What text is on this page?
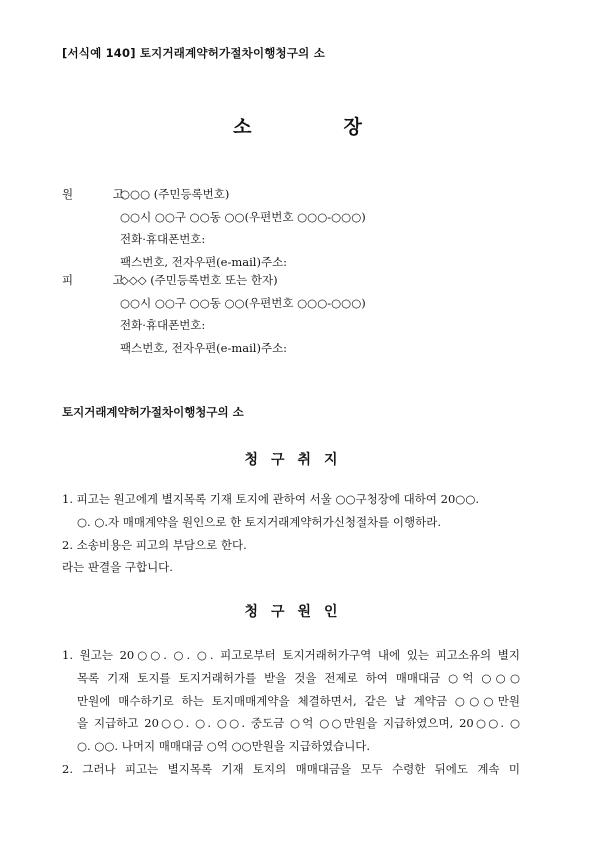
[서식예 140] 토지거래계약허가절차이행청구의 소
소	장
원 고
○○○ (주민등록번호)
○○시 ○○구 ○○동 ○○(우편번호 ○○○-○○○)
전화·휴대폰번호:
팩스번호, 전자우편(e-mail)주소:
피 고
◇◇◇ (주민등록번호 또는 한자)
○○시 ○○구 ○○동 ○○(우편번호 ○○○-○○○)
전화·휴대폰번호:
팩스번호, 전자우편(e-mail)주소:
토지거래계약허가절차이행청구의 소
청구취지
1. 피고는 원고에게 별지목록 기재 토지에 관하여 서울 ○○구청장에 대하여 20○○.
○. ○.자 매매계약을 원인으로 한 토지거래계약허가신청절차를 이행하라.
2. 소송비용은 피고의 부담으로 한다.
라는 판결을 구합니다.
청구원인
1. 원고는 20○○. ○. ○. 피고로부터 토지거래허가구역 내에 있는 피고소유의 별지
목록 기재 토지를 토지거래허가를 받을 것을 전제로 하여 매매대금 ○억 ○○○
만원에 매수하기로 하는 토지매매계약을 체결하면서, 같은 날 계약금 ○○○만원
을 지급하고 20○○. ○. ○○. 중도금 ○억 ○○만원을 지급하였으며, 20○○. ○
○. ○○. 나머지 매매대금 ○억 ○○만원을 지급하였습니다.
2. 그러나 피고는 별지목록 기재 토지의 매매대금을 모두 수령한 뒤에도 계속 미
